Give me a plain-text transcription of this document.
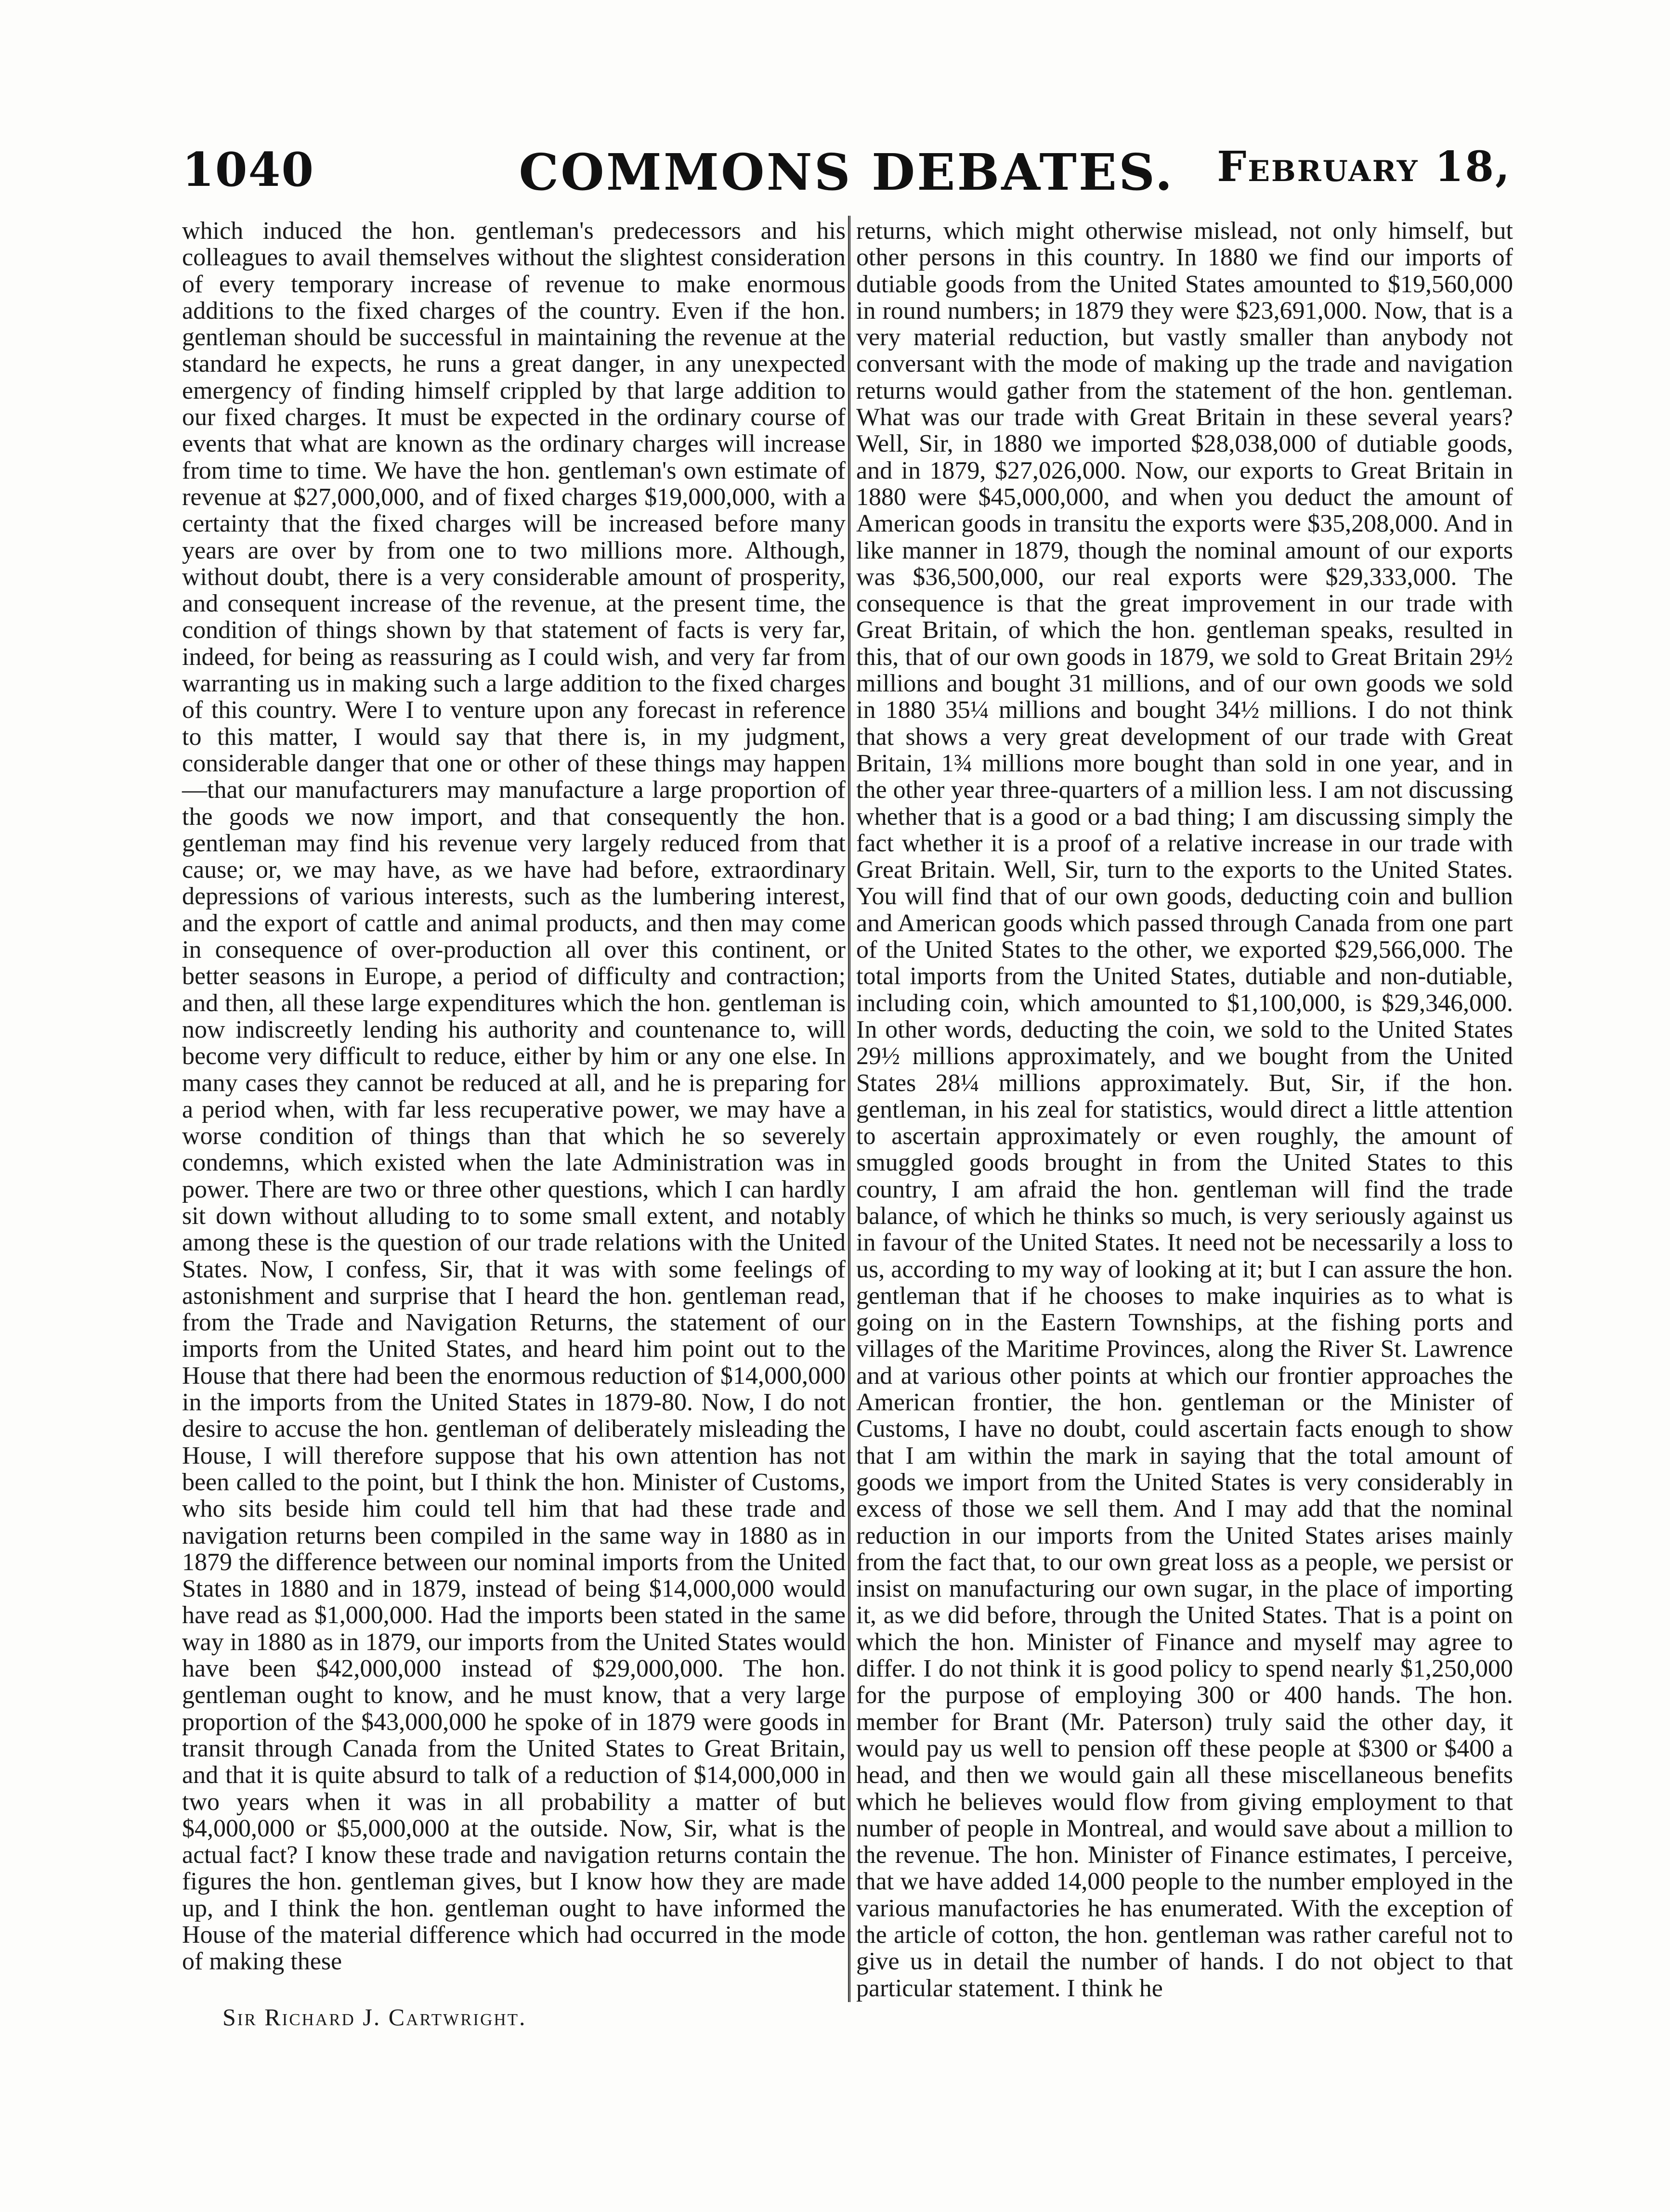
1040	COMMONS DEBATES.	February 18,

which induced the hon. gentleman's predecessors and his colleagues to avail themselves without the slightest consideration of every temporary increase of revenue to make enormous additions to the fixed charges of the country. Even if the hon. gentleman should be successful in maintaining the revenue at the standard he expects, he runs a great danger, in any unexpected emergency of finding himself crippled by that large addition to our fixed charges. It must be expected in the ordinary course of events that what are known as the ordinary charges will increase from time to time. We have the hon. gentleman's own estimate of revenue at $27,000,000, and of fixed charges $19,000,000, with a certainty that the fixed charges will be increased before many years are over by from one to two millions more. Although, without doubt, there is a very considerable amount of prosperity, and consequent increase of the revenue, at the present time, the condition of things shown by that statement of facts is very far, indeed, for being as reassuring as I could wish, and very far from warranting us in making such a large addition to the fixed charges of this country. Were I to venture upon any forecast in reference to this matter, I would say that there is, in my judgment, considerable danger that one or other of these things may happen—that our manufacturers may manufacture a large proportion of the goods we now import, and that consequently the hon. gentleman may find his revenue very largely reduced from that cause; or, we may have, as we have had before, extraordinary depressions of various interests, such as the lumbering interest, and the export of cattle and animal products, and then may come in consequence of over-production all over this continent, or better seasons in Europe, a period of difficulty and contraction; and then, all these large expenditures which the hon. gentleman is now indiscreetly lending his authority and countenance to, will become very difficult to reduce, either by him or any one else. In many cases they cannot be reduced at all, and he is preparing for a period when, with far less recuperative power, we may have a worse condition of things than that which he so severely condemns, which existed when the late Administration was in power. There are two or three other questions, which I can hardly sit down without alluding to to some small extent, and notably among these is the question of our trade relations with the United States. Now, I confess, Sir, that it was with some feelings of astonishment and surprise that I heard the hon. gentleman read, from the Trade and Navigation Returns, the statement of our imports from the United States, and heard him point out to the House that there had been the enormous reduction of $14,000,000 in the imports from the United States in 1879-80. Now, I do not desire to accuse the hon. gentleman of deliberately misleading the House, I will therefore suppose that his own attention has not been called to the point, but I think the hon. Minister of Customs, who sits beside him could tell him that had these trade and navigation returns been compiled in the same way in 1880 as in 1879 the difference between our nominal imports from the United States in 1880 and in 1879, instead of being $14,000,000 would have read as $1,000,000. Had the imports been stated in the same way in 1880 as in 1879, our imports from the United States would have been $42,000,000 instead of $29,000,000. The hon. gentleman ought to know, and he must know, that a very large proportion of the $43,000,000 he spoke of in 1879 were goods in transit through Canada from the United States to Great Britain, and that it is quite absurd to talk of a reduction of $14,000,000 in two years when it was in all probability a matter of but $4,000,000 or $5,000,000 at the outside. Now, Sir, what is the actual fact? I know these trade and navigation returns contain the figures the hon. gentleman gives, but I know how they are made up, and I think the hon. gentleman ought to have informed the House of the material difference which had occurred in the mode of making these

returns, which might otherwise mislead, not only himself, but other persons in this country. In 1880 we find our imports of dutiable goods from the United States amounted to $19,560,000 in round numbers; in 1879 they were $23,691,000. Now, that is a very material reduction, but vastly smaller than anybody not conversant with the mode of making up the trade and navigation returns would gather from the statement of the hon. gentleman. What was our trade with Great Britain in these several years? Well, Sir, in 1880 we imported $28,038,000 of dutiable goods, and in 1879, $27,026,000. Now, our exports to Great Britain in 1880 were $45,000,000, and when you deduct the amount of American goods in transitu the exports were $35,208,000. And in like manner in 1879, though the nominal amount of our exports was $36,500,000, our real exports were $29,333,000. The consequence is that the great improvement in our trade with Great Britain, of which the hon. gentleman speaks, resulted in this, that of our own goods in 1879, we sold to Great Britain 29½ millions and bought 31 millions, and of our own goods we sold in 1880 35¼ millions and bought 34½ millions. I do not think that shows a very great development of our trade with Great Britain, 1¾ millions more bought than sold in one year, and in the other year three-quarters of a million less. I am not discussing whether that is a good or a bad thing; I am discussing simply the fact whether it is a proof of a relative increase in our trade with Great Britain. Well, Sir, turn to the exports to the United States. You will find that of our own goods, deducting coin and bullion and American goods which passed through Canada from one part of the United States to the other, we exported $29,566,000. The total imports from the United States, dutiable and non-dutiable, including coin, which amounted to $1,100,000, is $29,346,000. In other words, deducting the coin, we sold to the United States 29½ millions approximately, and we bought from the United States 28¼ millions approximately. But, Sir, if the hon. gentleman, in his zeal for statistics, would direct a little attention to ascertain approximately or even roughly, the amount of smuggled goods brought in from the United States to this country, I am afraid the hon. gentleman will find the trade balance, of which he thinks so much, is very seriously against us in favour of the United States. It need not be necessarily a loss to us, according to my way of looking at it; but I can assure the hon. gentleman that if he chooses to make inquiries as to what is going on in the Eastern Townships, at the fishing ports and villages of the Maritime Provinces, along the River St. Lawrence and at various other points at which our frontier approaches the American frontier, the hon. gentleman or the Minister of Customs, I have no doubt, could ascertain facts enough to show that I am within the mark in saying that the total amount of goods we import from the United States is very considerably in excess of those we sell them. And I may add that the nominal reduction in our imports from the United States arises mainly from the fact that, to our own great loss as a people, we persist or insist on manufacturing our own sugar, in the place of importing it, as we did before, through the United States. That is a point on which the hon. Minister of Finance and myself may agree to differ. I do not think it is good policy to spend nearly $1,250,000 for the purpose of employing 300 or 400 hands. The hon. member for Brant (Mr. Paterson) truly said the other day, it would pay us well to pension off these people at $300 or $400 a head, and then we would gain all these miscellaneous benefits which he believes would flow from giving employment to that number of people in Montreal, and would save about a million to the revenue. The hon. Minister of Finance estimates, I perceive, that we have added 14,000 people to the number employed in the various manufactories he has enumerated. With the exception of the article of cotton, the hon. gentleman was rather careful not to give us in detail the number of hands. I do not object to that particular statement. I think he

Sir Richard J. Cartwright.
